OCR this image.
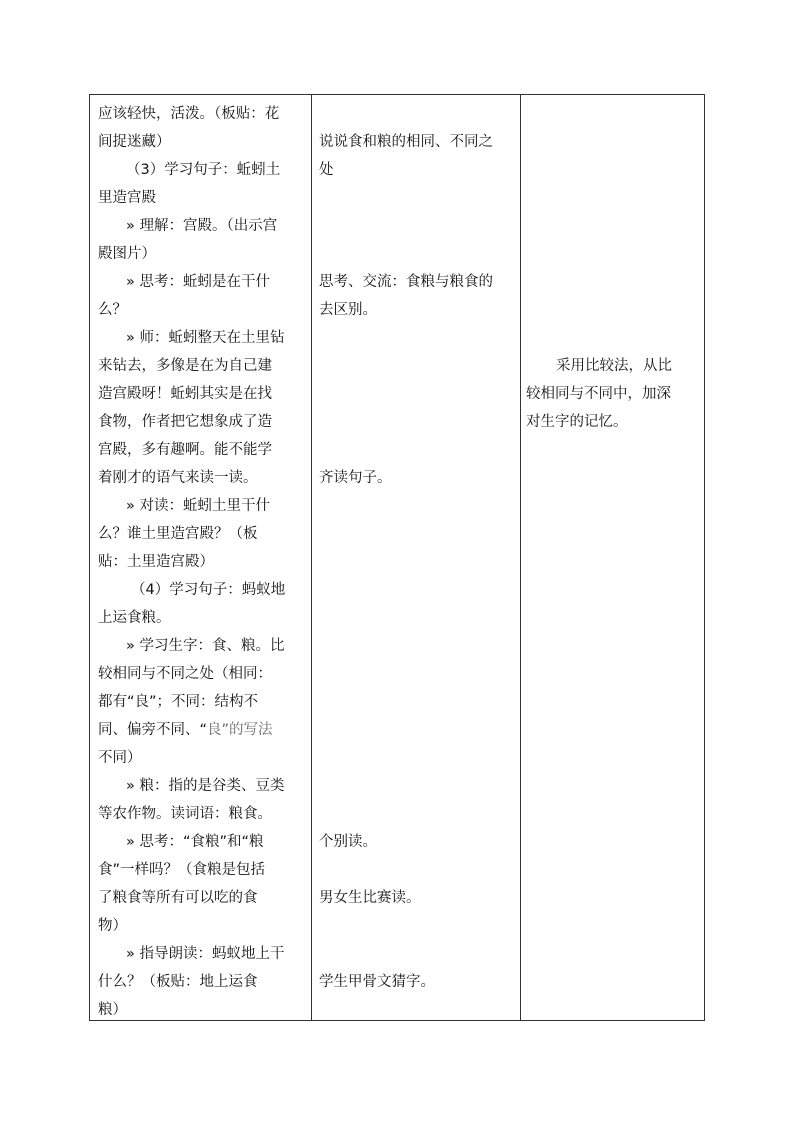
应该轻快，活泼。（板贴：花
间捉迷藏）
（3）学习句子：蚯蚓土
里造宫殿
» 理解：宫殿。（出示宫
殿图片）
» 思考：蚯蚓是在干什
么？
» 师：蚯蚓整天在土里钻
来钻去，多像是在为自己建
造宫殿呀！蚯蚓其实是在找
食物，作者把它想象成了造
宫殿，多有趣啊。能不能学
着刚才的语气来读一读。
» 对读：蚯蚓土里干什
么？谁土里造宫殿？（板
贴：土里造宫殿）
（4）学习句子：蚂蚁地
上运食粮。
» 学习生字：食、粮。比
较相同与不同之处（相同：
都有“良”；不同：结构不
同、偏旁不同、“良”的写法
不同）
» 粮：指的是谷类、豆类
等农作物。读词语：粮食。
» 思考：“食粮”和“粮
食”一样吗？（食粮是包括
了粮食等所有可以吃的食
物）
» 指导朗读：蚂蚁地上干
什么？（板贴：地上运食
粮）
说说食和粮的相同、不同之
处
思考、交流：食粮与粮食的
去区别。
齐读句子。
个别读。
男女生比赛读。
学生甲骨文猜字。
采用比较法，从比
较相同与不同中，加深
对生字的记忆。
